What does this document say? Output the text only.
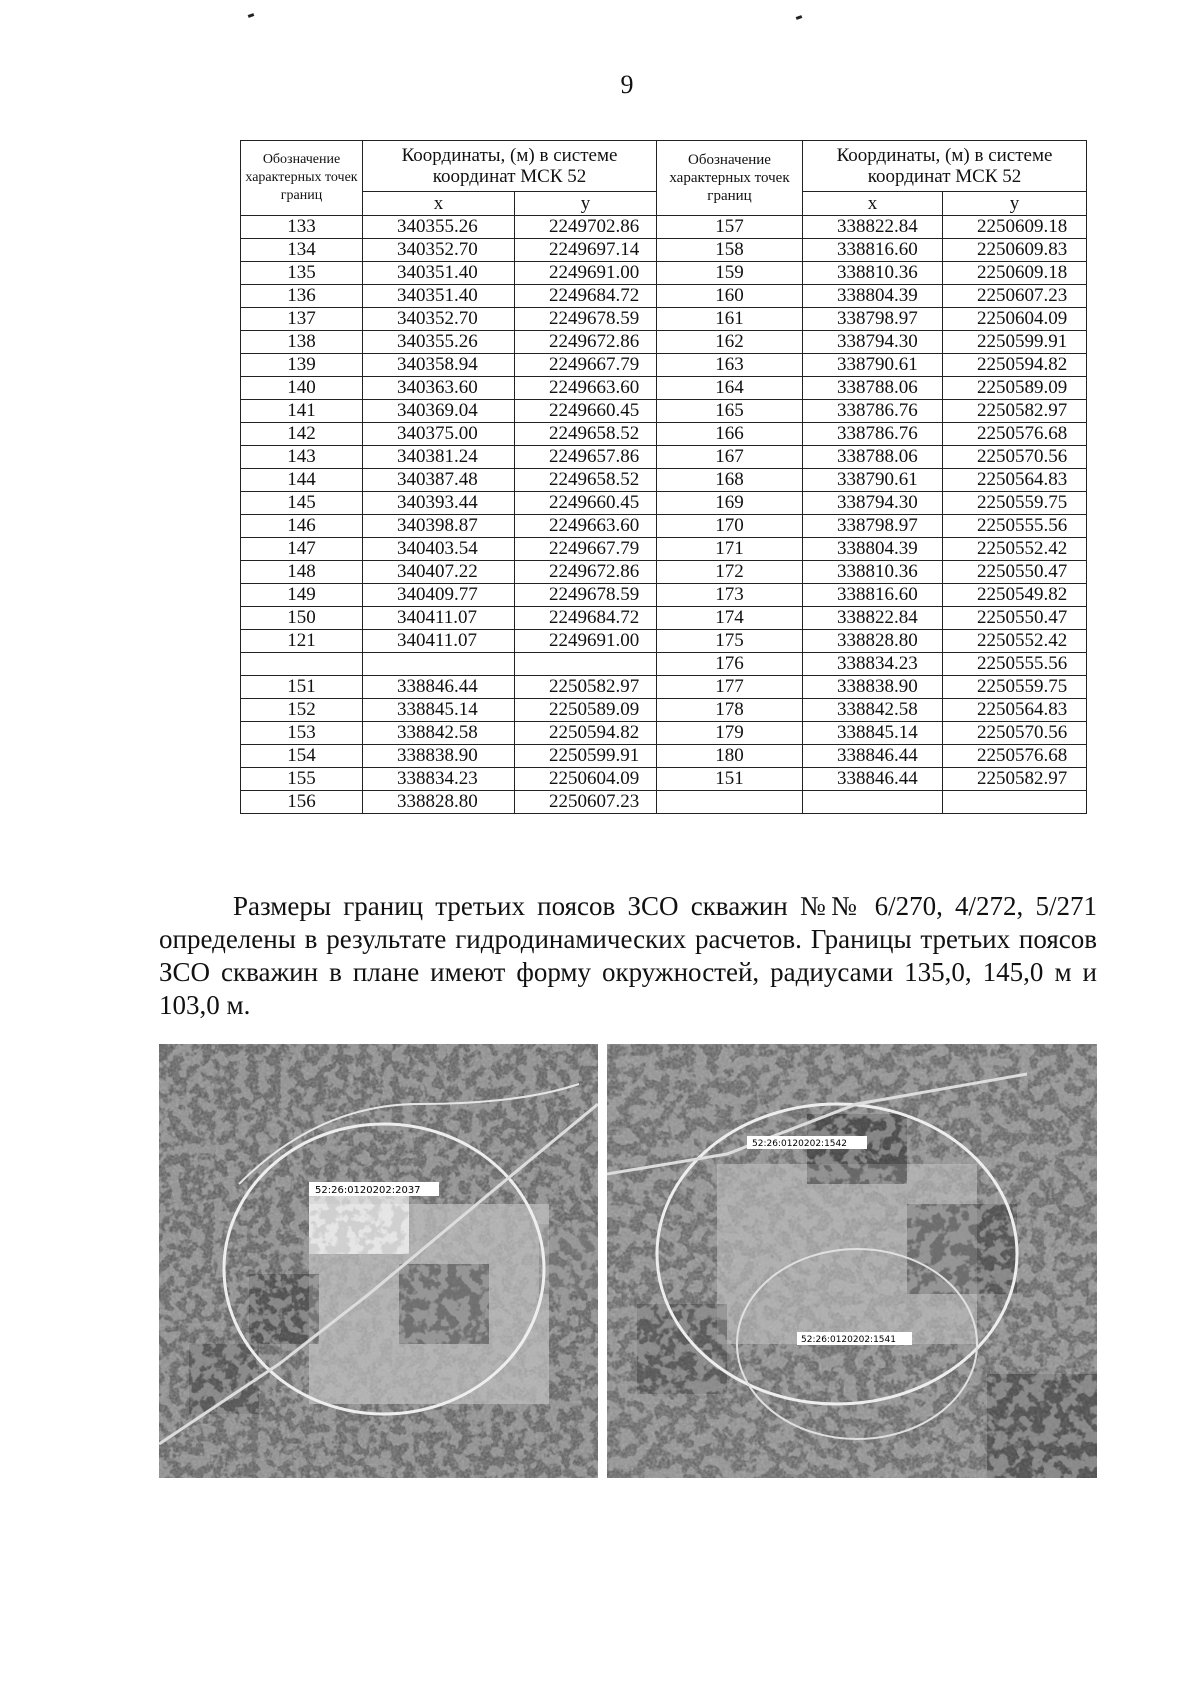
9
Обозначение характерных точек границ	Координаты, (м) в системе координат МСК 52		Обозначение характерных точек границ	Координаты, (м) в системе координат МСК 52	
	x	y		x	y
133	340355.26	2249702.86	157	338822.84	2250609.18
134	340352.70	2249697.14	158	338816.60	2250609.83
135	340351.40	2249691.00	159	338810.36	2250609.18
136	340351.40	2249684.72	160	338804.39	2250607.23
137	340352.70	2249678.59	161	338798.97	2250604.09
138	340355.26	2249672.86	162	338794.30	2250599.91
139	340358.94	2249667.79	163	338790.61	2250594.82
140	340363.60	2249663.60	164	338788.06	2250589.09
141	340369.04	2249660.45	165	338786.76	2250582.97
142	340375.00	2249658.52	166	338786.76	2250576.68
143	340381.24	2249657.86	167	338788.06	2250570.56
144	340387.48	2249658.52	168	338790.61	2250564.83
145	340393.44	2249660.45	169	338794.30	2250559.75
146	340398.87	2249663.60	170	338798.97	2250555.56
147	340403.54	2249667.79	171	338804.39	2250552.42
148	340407.22	2249672.86	172	338810.36	2250550.47
149	340409.77	2249678.59	173	338816.60	2250549.82
150	340411.07	2249684.72	174	338822.84	2250550.47
121	340411.07	2249691.00	175	338828.80	2250552.42
			176	338834.23	2250555.56
151	338846.44	2250582.97	177	338838.90	2250559.75
152	338845.14	2250589.09	178	338842.58	2250564.83
153	338842.58	2250594.82	179	338845.14	2250570.56
154	338838.90	2250599.91	180	338846.44	2250576.68
155	338834.23	2250604.09	151	338846.44	2250582.97
156	338828.80	2250607.23			
Размеры границ третьих поясов ЗСО скважин №№ 6/270, 4/272, 5/271 определены в результате гидродинамических расчетов. Границы третьих поясов ЗСО скважин в плане имеют форму окружностей, радиусами 135,0, 145,0 м и 103,0 м.
52:26:0120202:2037
52:26:0120202:1542
52:26:0120202:1541
